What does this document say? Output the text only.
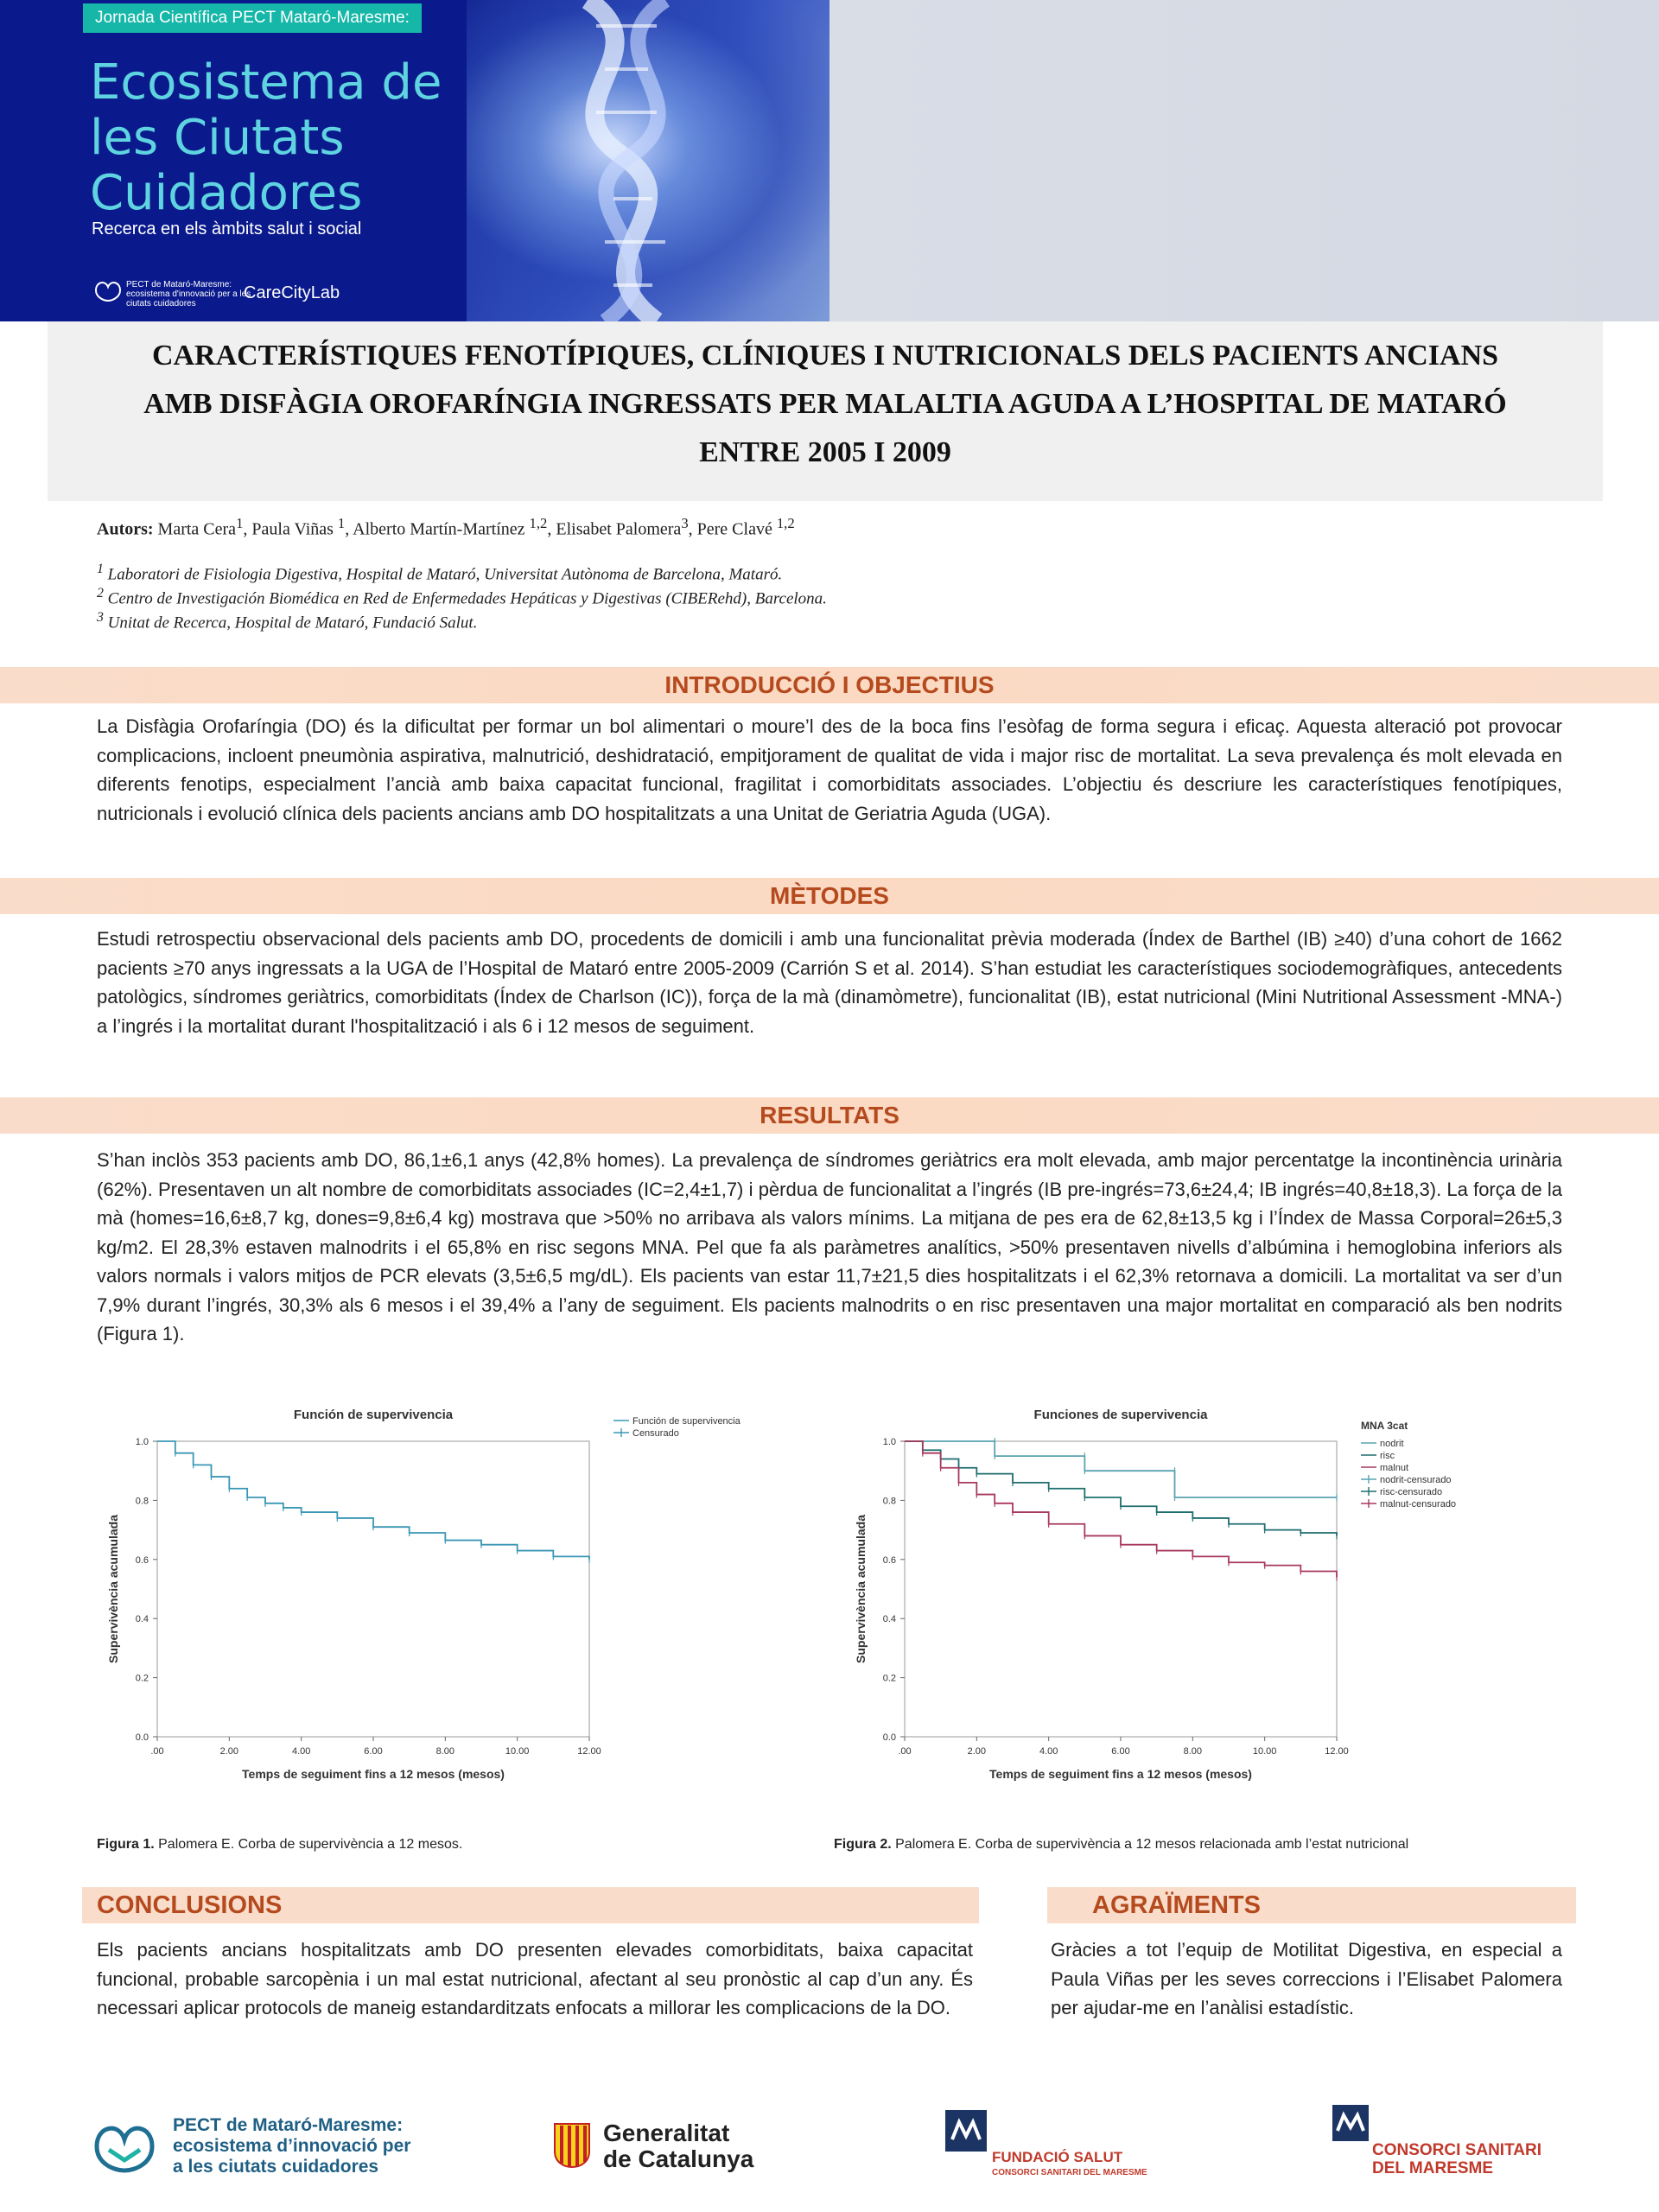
Jornada Científica PECT Mataró-Maresme:
Ecosistema de les Ciutats Cuidadores
Recerca en els àmbits salut i social
PECT de Mataró-Maresme: ecosistema d'innovació per a les ciutats cuidadores
CareCityLab
CARACTERÍSTIQUES FENOTÍPIQUES, CLÍNIQUES I NUTRICIONALS DELS PACIENTS ANCIANS
AMB DISFÀGIA OROFARÍNGIA INGRESSATS PER MALALTIA AGUDA A L’HOSPITAL DE MATARÓ
ENTRE 2005 I 2009
Autors: Marta Cera$^1$, Paula Viñas $^1$, Alberto Martín-Martínez $^{1,2}$, Elisabet Palomera$^3$, Pere Clavé $^{1,2}$
$^1$ Laboratori de Fisiologia Digestiva, Hospital de Mataró, Universitat Autònoma de Barcelona, Mataró.
$^2$ Centro de Investigación Biomédica en Red de Enfermedades Hepáticas y Digestivas (CIBERehd), Barcelona.
$^3$ Unitat de Recerca, Hospital de Mataró, Fundació Salut.
INTRODUCCIÓ I OBJECTIUS
La Disfàgia Orofaríngia (DO) és la dificultat per formar un bol alimentari o moure’l des de la boca fins l’esòfag de forma segura i eficaç. Aquesta alteració pot provocar complicacions, incloent pneumònia aspirativa, malnutrició, deshidratació, empitjorament de qualitat de vida i major risc de mortalitat. La seva prevalença és molt elevada en diferents fenotips, especialment l’ancià amb baixa capacitat funcional, fragilitat i comorbiditats associades. L’objectiu és descriure les característiques fenotípiques, nutricionals i evolució clínica dels pacients ancians amb DO hospitalitzats a una Unitat de Geriatria Aguda (UGA).
MÈTODES
Estudi retrospectiu observacional dels pacients amb DO, procedents de domicili i amb una funcionalitat prèvia moderada (Índex de Barthel (IB) ≥40) d’una cohort de 1662 pacients ≥70 anys ingressats a la UGA de l’Hospital de Mataró entre 2005-2009 (Carrión S et al. 2014). S’han estudiat les característiques sociodemogràfiques, antecedents patològics, síndromes geriàtrics, comorbiditats (Índex de Charlson (IC)), força de la mà (dinamòmetre), funcionalitat (IB), estat nutricional (Mini Nutritional Assessment -MNA-) a l’ingrés i la mortalitat durant l'hospitalització i als 6 i 12 mesos de seguiment.
RESULTATS
S’han inclòs 353 pacients amb DO, 86,1±6,1 anys (42,8% homes). La prevalença de síndromes geriàtrics era molt elevada, amb major percentatge la incontinència urinària (62%). Presentaven un alt nombre de comorbiditats associades (IC=2,4±1,7) i pèrdua de funcionalitat a l’ingrés (IB pre-ingrés=73,6±24,4; IB ingrés=40,8±18,3). La força de la mà (homes=16,6±8,7 kg, dones=9,8±6,4 kg) mostrava que >50% no arribava als valors mínims. La mitjana de pes era de 62,8±13,5 kg i l’Índex de Massa Corporal=26±5,3 kg/m2. El 28,3% estaven malnodrits i el 65,8% en risc segons MNA. Pel que fa als paràmetres analítics, >50% presentaven nivells d’albúmina i hemoglobina inferiors als valors normals i valors mitjos de PCR elevats (3,5±6,5 mg/dL). Els pacients van estar 11,7±21,5 dies hospitalitzats i el 62,3% retornava a domicili. La mortalitat va ser d’un 7,9% durant l’ingrés, 30,3% als 6 mesos i el 39,4% a l’any de seguiment. Els pacients malnodrits o en risc presentaven una major mortalitat en comparació als ben nodrits (Figura 1).
Función de supervivencia
0.0
0.2
0.4
0.6
0.8
1.0
.00	2.00	4.00	6.00	8.00	10.00	12.00
Temps de seguiment fins a 12 mesos (mesos)
Supervivència acumulada
Función de supervivencia
Censurado
Funciones de supervivencia
0.0
0.2
0.4
0.6
0.8
1.0
.00	2.00	4.00	6.00	8.00	10.00	12.00
Temps de seguiment fins a 12 mesos (mesos)
Supervivència acumulada
MNA 3cat
nodrit
risc
malnut
nodrit-censurado
risc-censurado
malnut-censurado
Figura 1. Palomera E. Corba de supervivència a 12 mesos.	Figura 2. Palomera E. Corba de supervivència a 12 mesos relacionada amb l’estat nutricional
CONCLUSIONS	AGRAÏMENTS
Els pacients ancians hospitalitzats amb DO presenten elevades comorbiditats, baixa capacitat funcional, probable sarcopènia i un mal estat nutricional, afectant al seu pronòstic al cap d’un any. És necessari aplicar protocols de maneig estandarditzats enfocats a millorar les complicacions de la DO.
Gràcies a tot l’equip de Motilitat Digestiva, en especial a Paula Viñas per les seves correccions i l’Elisabet Palomera per ajudar-me en l’anàlisi estadístic.
PECT de Mataró-Maresme:
ecosistema d’innovació per
a les ciutats cuidadores
Generalitat
de Catalunya	FUNDACIÓ SALUT
CONSORCI SANITARI DEL MARESME
CONSORCI SANITARI
DEL MARESME
